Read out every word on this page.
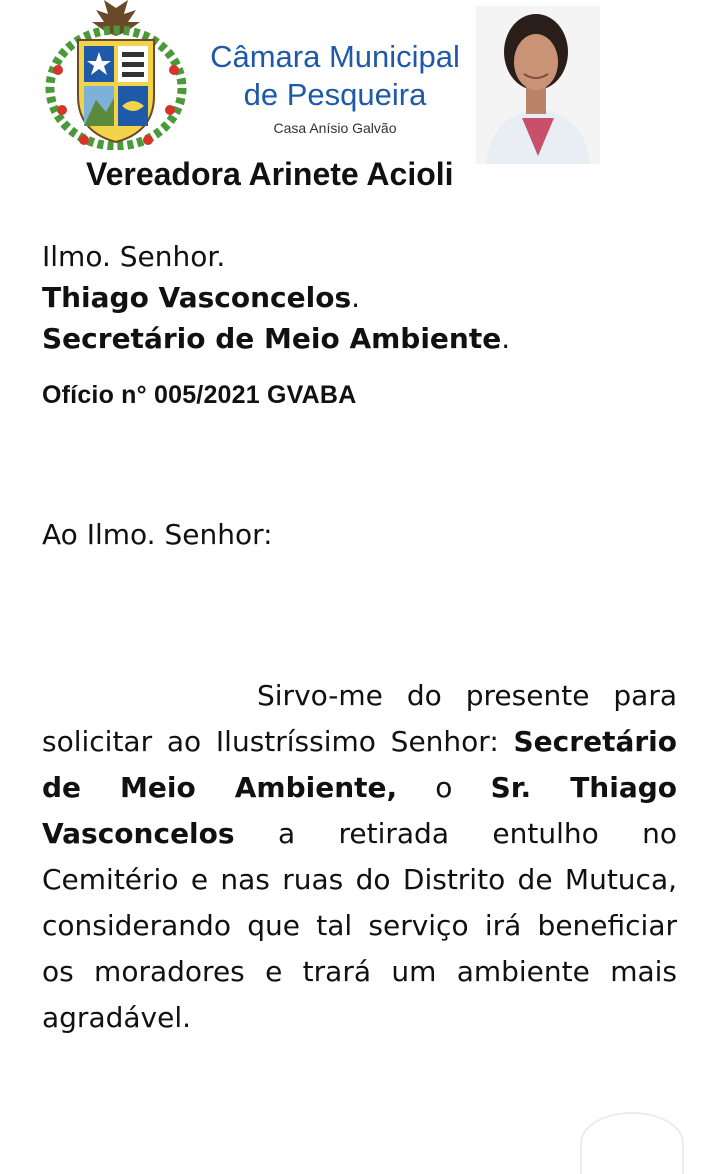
Câmara Municipal
de Pesqueira
Casa Anísio Galvão
Vereadora Arinete Acioli
Ilmo. Senhor.
Thiago Vasconcelos.
Secretário de Meio Ambiente.
Ofício n° 005/2021 GVABA
Ao Ilmo. Senhor:
Sirvo-me do presente para solicitar ao Ilustríssimo Senhor: Secretário de Meio Ambiente, o Sr. Thiago Vasconcelos a retirada entulho no Cemitério e nas ruas do Distrito de Mutuca, considerando que tal serviço irá beneficiar os moradores e trará um ambiente mais agradável.
